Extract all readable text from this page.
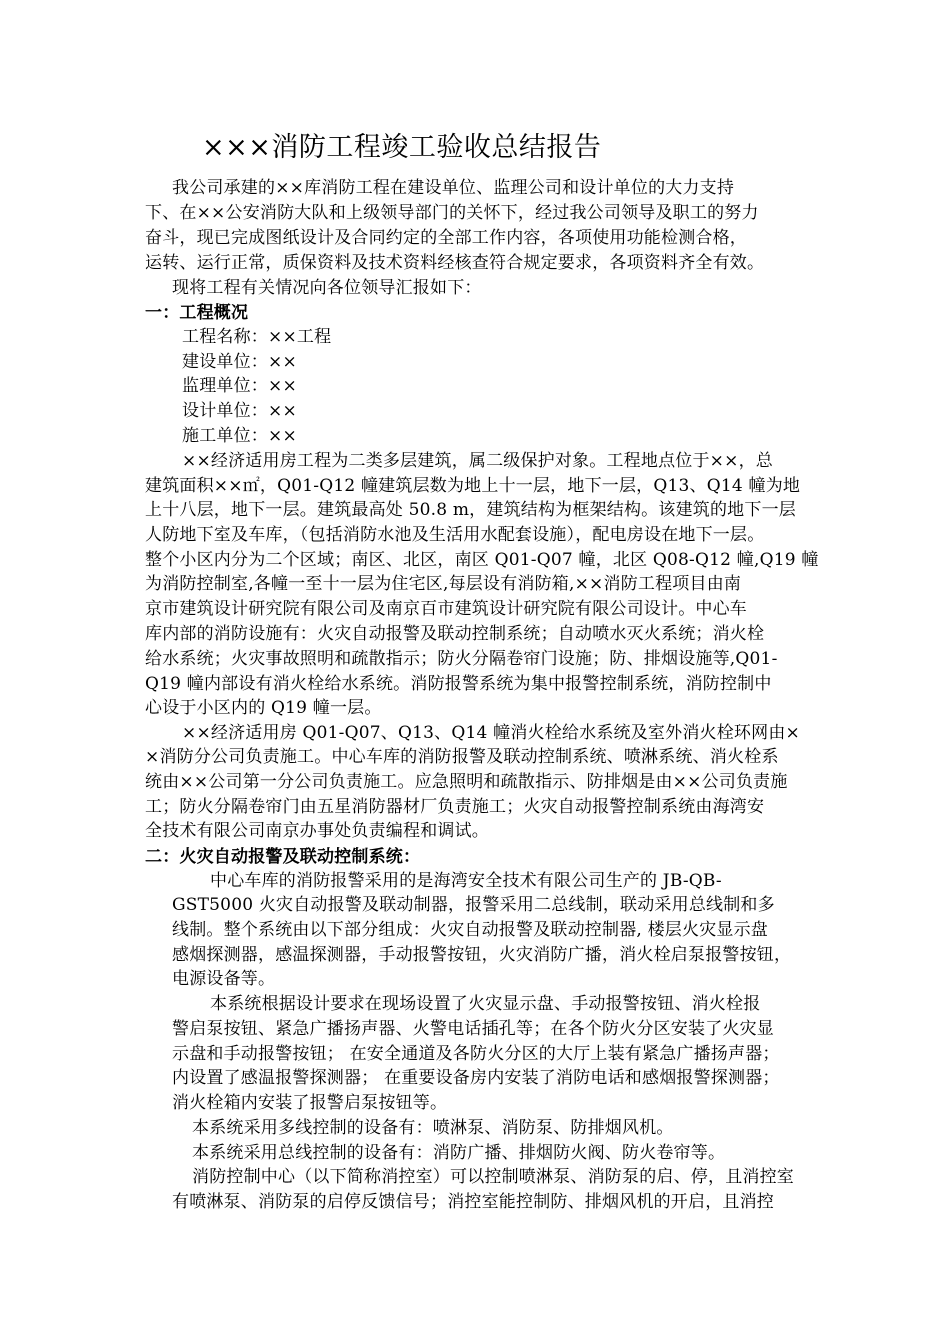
×××消防工程竣工验收总结报告
我公司承建的××库消防工程在建设单位、监理公司和设计单位的大力支持
下、在××公安消防大队和上级领导部门的关怀下，经过我公司领导及职工的努力
奋斗，现已完成图纸设计及合同约定的全部工作内容，各项使用功能检测合格，
运转、运行正常，质保资料及技术资料经核查符合规定要求，各项资料齐全有效。
现将工程有关情况向各位领导汇报如下：
一：工程概况
工程名称：××工程
建设单位：××
监理单位：××
设计单位：××
施工单位：××
××经济适用房工程为二类多层建筑，属二级保护对象。工程地点位于××，总
建筑面积××㎡，Q01-Q12 幢建筑层数为地上十一层，地下一层，Q13、Q14 幢为地
上十八层，地下一层。建筑最高处 50.8 m，建筑结构为框架结构。该建筑的地下一层
人防地下室及车库，（包括消防水池及生活用水配套设施），配电房设在地下一层。
整个小区内分为二个区域；南区、北区，南区 Q01-Q07 幢，北区 Q08-Q12 幢,Q19 幢
为消防控制室,各幢一至十一层为住宅区,每层设有消防箱,××消防工程项目由南
京市建筑设计研究院有限公司及南京百市建筑设计研究院有限公司设计。中心车
库内部的消防设施有：火灾自动报警及联动控制系统；自动喷水灭火系统；消火栓
给水系统；火灾事故照明和疏散指示；防火分隔卷帘门设施；防、排烟设施等,Q01-
Q19 幢内部设有消火栓给水系统。消防报警系统为集中报警控制系统，消防控制中
心设于小区内的 Q19 幢一层。
××经济适用房 Q01-Q07、Q13、Q14 幢消火栓给水系统及室外消火栓环网由×
×消防分公司负责施工。中心车库的消防报警及联动控制系统、喷淋系统、消火栓系
统由××公司第一分公司负责施工。应急照明和疏散指示、防排烟是由××公司负责施
工；防火分隔卷帘门由五星消防器材厂负责施工；火灾自动报警控制系统由海湾安
全技术有限公司南京办事处负责编程和调试。
二：火灾自动报警及联动控制系统：
中心车库的消防报警采用的是海湾安全技术有限公司生产的 JB-QB-
GST5000 火灾自动报警及联动制器，报警采用二总线制，联动采用总线制和多
线制。整个系统由以下部分组成：火灾自动报警及联动控制器, 楼层火灾显示盘
感烟探测器，感温探测器，手动报警按钮，火灾消防广播，消火栓启泵报警按钮，
电源设备等。
本系统根据设计要求在现场设置了火灾显示盘、手动报警按钮、消火栓报
警启泵按钮、紧急广播扬声器、火警电话插孔等；在各个防火分区安装了火灾显
示盘和手动报警按钮； 在安全通道及各防火分区的大厅上装有紧急广播扬声器；
内设置了感温报警探测器； 在重要设备房内安装了消防电话和感烟报警探测器；
消火栓箱内安装了报警启泵按钮等。
本系统采用多线控制的设备有：喷淋泵、消防泵、防排烟风机。
本系统采用总线控制的设备有：消防广播、排烟防火阀、防火卷帘等。
消防控制中心（以下简称消控室）可以控制喷淋泵、消防泵的启、停，且消控室
有喷淋泵、消防泵的启停反馈信号；消控室能控制防、排烟风机的开启，且消控
